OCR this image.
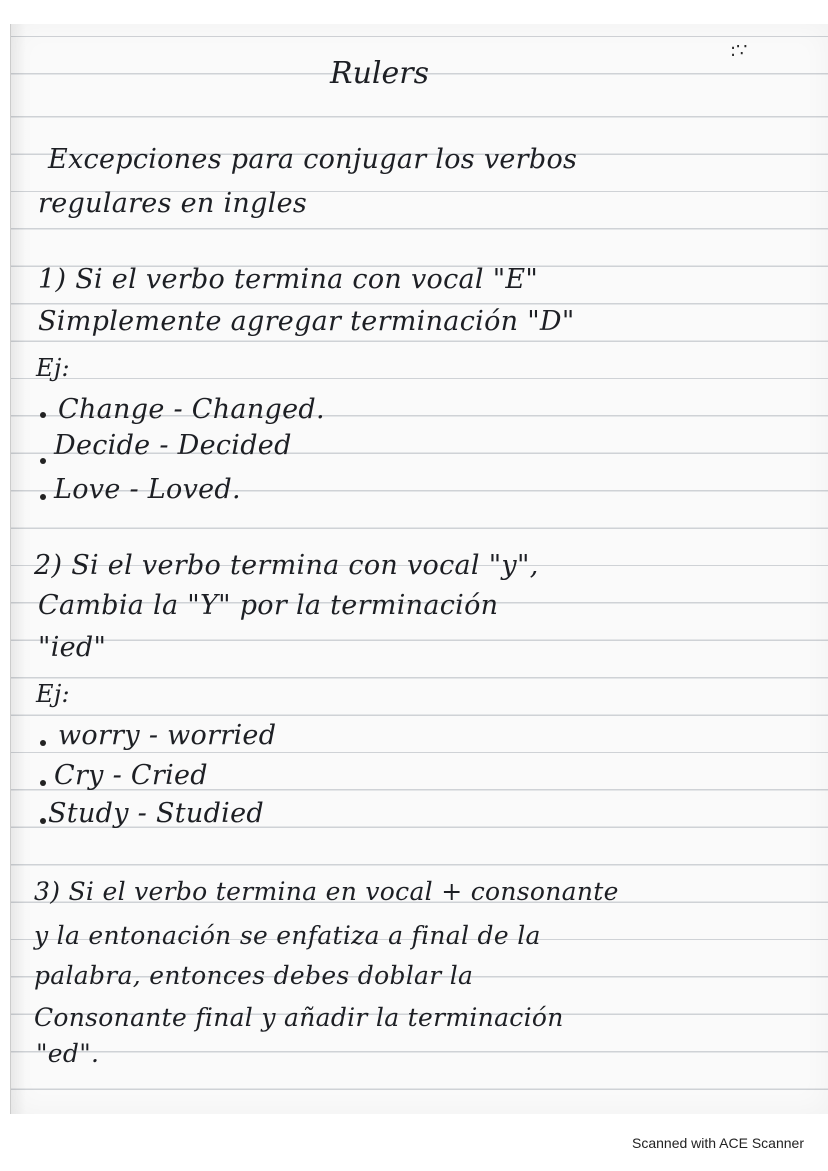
Rulers
:∵
Excepciones para conjugar los verbos
regulares en ingles
1) Si el verbo termina con vocal "E"
Simplemente agregar terminación "D"
Ej:
Change - Changed.
Decide - Decided
Love - Loved.
2) Si el verbo termina con vocal "y",
Cambia la "Y" por la terminación
"ied"
Ej:
worry - worried
Cry - Cried
Study - Studied
3) Si el verbo termina en vocal + consonante
y la entonación se enfatiza a final de la
palabra, entonces debes doblar la
Consonante final y añadir la terminación
"ed".
Scanned with ACE Scanner
